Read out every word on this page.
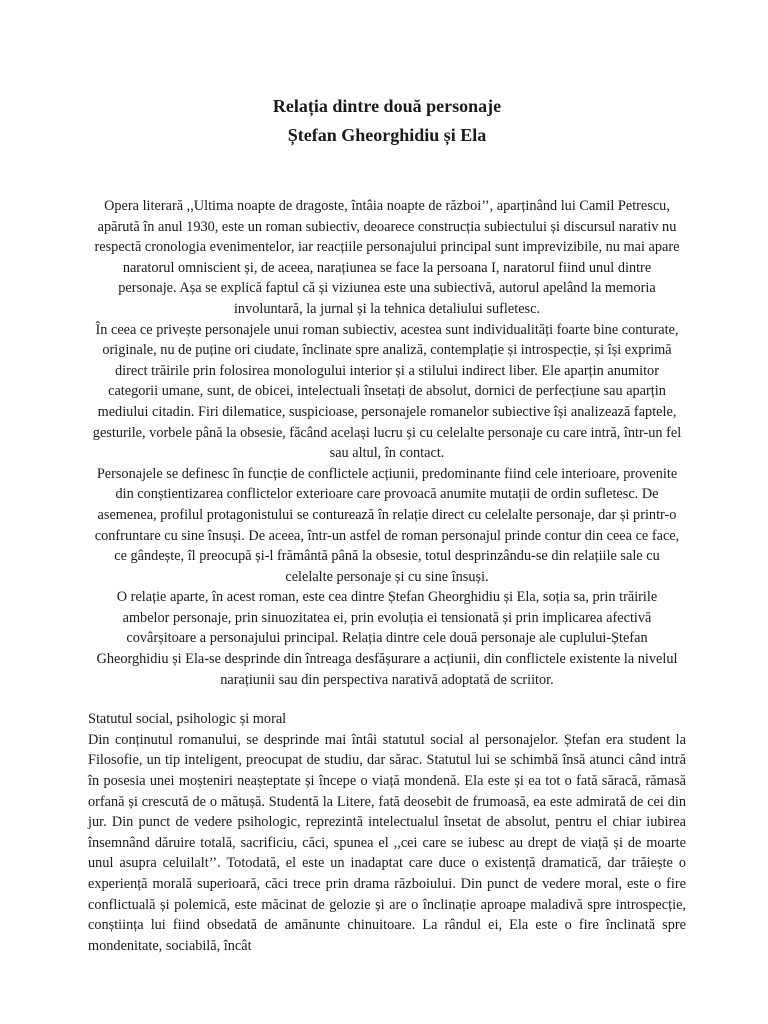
Relația dintre două personaje
Ștefan Gheorghidiu și Ela

Opera literară ,,Ultima noapte de dragoste, întâia noapte de război’’, aparținând lui Camil Petrescu, apărută în anul 1930, este un roman subiectiv, deoarece construcția subiectului și discursul narativ nu respectă cronologia evenimentelor, iar reacțiile personajului principal sunt imprevizibile, nu mai apare naratorul omniscient și, de aceea, narațiunea se face la persoana I, naratorul fiind unul dintre personaje. Așa se explică faptul că și viziunea este una subiectivă, autorul apelând la memoria involuntară, la jurnal și la tehnica detaliului sufletesc.

În ceea ce privește personajele unui roman subiectiv, acestea sunt individualități foarte bine conturate, originale, nu de puține ori ciudate, înclinate spre analiză, contemplație și introspecție, și își exprimă direct trăirile prin folosirea monologului interior și a stilului indirect liber. Ele aparțin anumitor categorii umane, sunt, de obicei, intelectuali însetați de absolut, dornici de perfecțiune sau aparțin mediului citadin. Firi dilematice, suspicioase, personajele romanelor subiective își analizează faptele, gesturile, vorbele până la obsesie, făcând același lucru și cu celelalte personaje cu care intră, într-un fel sau altul, în contact.

Personajele se definesc în funcție de conflictele acțiunii, predominante fiind cele interioare, provenite din conștientizarea conflictelor exterioare care provoacă anumite mutații de ordin sufletesc. De asemenea, profilul protagonistului se conturează în relație direct cu celelalte personaje, dar și printr-o confruntare cu sine însuși. De aceea, într-un astfel de roman personajul prinde contur din ceea ce face, ce gândește, îl preocupă și-l frământă până la obsesie, totul desprinzându-se din relațiile sale cu celelalte personaje și cu sine însuși.

O relație aparte, în acest roman, este cea dintre Ștefan Gheorghidiu și Ela, soția sa, prin trăirile ambelor personaje, prin sinuozitatea ei, prin evoluția ei tensionată și prin implicarea afectivă covârșitoare a personajului principal. Relația dintre cele două personaje ale cuplului-Ștefan Gheorghidiu și Ela-se desprinde din întreaga desfășurare a acțiunii, din conflictele existente la nivelul narațiunii sau din perspectiva narativă adoptată de scriitor.

Statutul social, psihologic și moral

Din conținutul romanului, se desprinde mai întâi statutul social al personajelor. Ștefan era student la Filosofie, un tip inteligent, preocupat de studiu, dar sărac. Statutul lui se schimbă însă atunci când intră în posesia unei moșteniri neașteptate și începe o viață mondenă. Ela este și ea tot o fată săracă, rămasă orfană și crescută de o mătușă. Studentă la Litere, fată deosebit de frumoasă, ea este admirată de cei din jur. Din punct de vedere psihologic, reprezintă intelectualul însetat de absolut, pentru el chiar iubirea însemnând dăruire totală, sacrificiu, căci, spunea el ,,cei care se iubesc au drept de viață și de moarte unul asupra celuilalt’’. Totodată, el este un inadaptat care duce o existență dramatică, dar trăiește o experiență morală superioară, căci trece prin drama războiului. Din punct de vedere moral, este o fire conflictuală și polemică, este măcinat de gelozie și are o înclinație aproape maladivă spre introspecție, conștiința lui fiind obsedată de amănunte chinuitoare. La rândul ei, Ela este o fire înclinată spre mondenitate, sociabilă, încât
